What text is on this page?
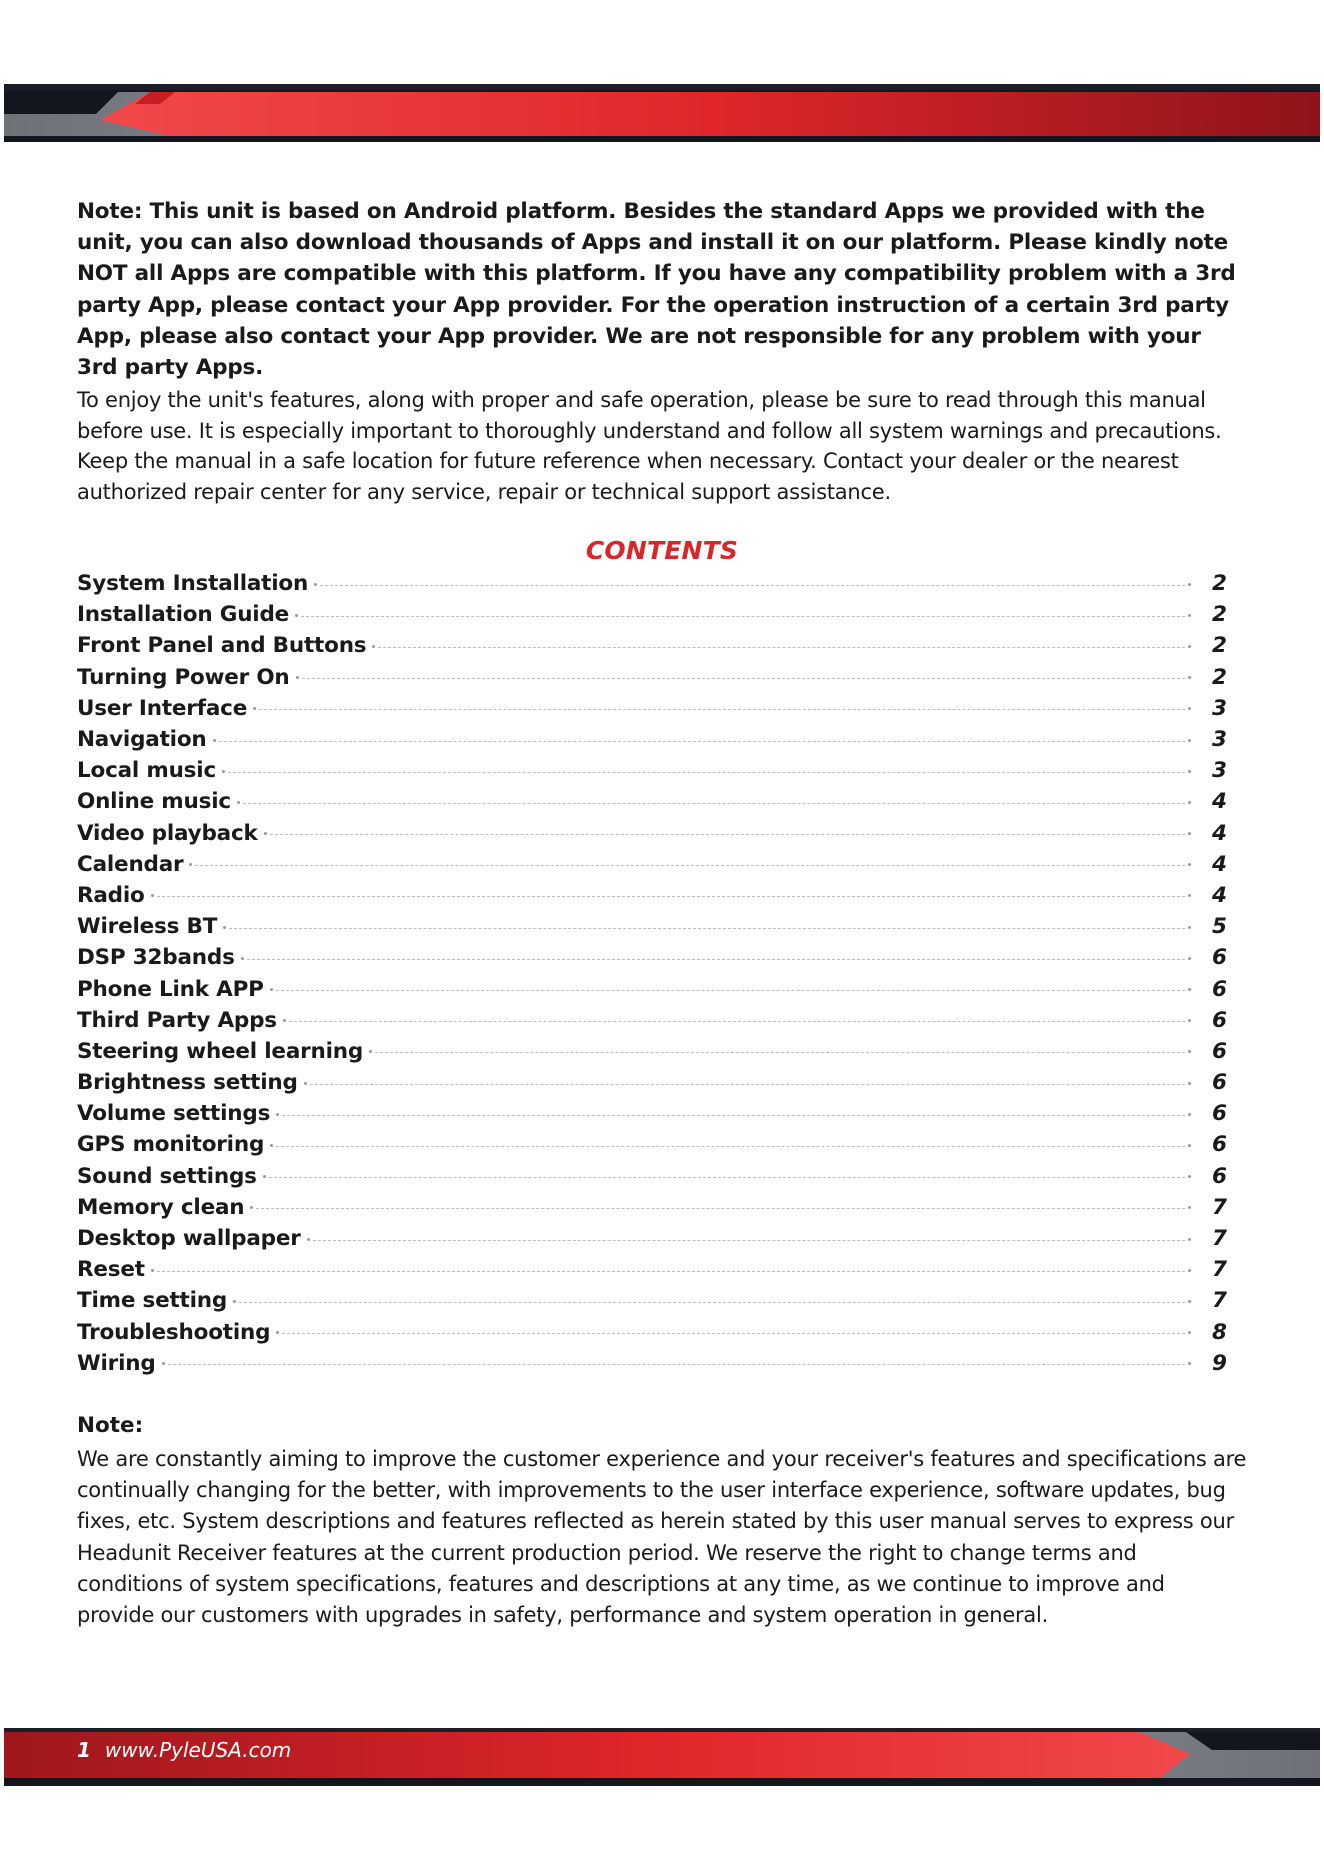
Note: This unit is based on Android platform. Besides the standard Apps we provided with the unit, you can also download thousands of Apps and install it on our platform. Please kindly note NOT all Apps are compatible with this platform. If you have any compatibility problem with a 3rd party App, please contact your App provider. For the operation instruction of a certain 3rd party App, please also contact your App provider. We are not responsible for any problem with your 3rd party Apps.
To enjoy the unit's features, along with proper and safe operation, please be sure to read through this manual before use. It is especially important to thoroughly understand and follow all system warnings and precautions. Keep the manual in a safe location for future reference when necessary. Contact your dealer or the nearest authorized repair center for any service, repair or technical support assistance.
CONTENTS
System Installation	2
Installation Guide	2
Front Panel and Buttons	2
Turning Power On	2
User Interface	3
Navigation	3
Local music	3
Online music	4
Video playback	4
Calendar	4
Radio	4
Wireless BT	5
DSP 32bands	6
Phone Link APP	6
Third Party Apps	6
Steering wheel learning	6
Brightness setting	6
Volume settings	6
GPS monitoring	6
Sound settings	6
Memory clean	7
Desktop wallpaper	7
Reset	7
Time setting	7
Troubleshooting	8
Wiring	9
Note:
We are constantly aiming to improve the customer experience and your receiver's features and specifications are continually changing for the better, with improvements to the user interface experience, software updates, bug fixes, etc. System descriptions and features reflected as herein stated by this user manual serves to express our Headunit Receiver features at the current production period. We reserve the right to change terms and conditions of system specifications, features and descriptions at any time, as we continue to improve and provide our customers with upgrades in safety, performance and system operation in general.
1 www.PyleUSA.com
